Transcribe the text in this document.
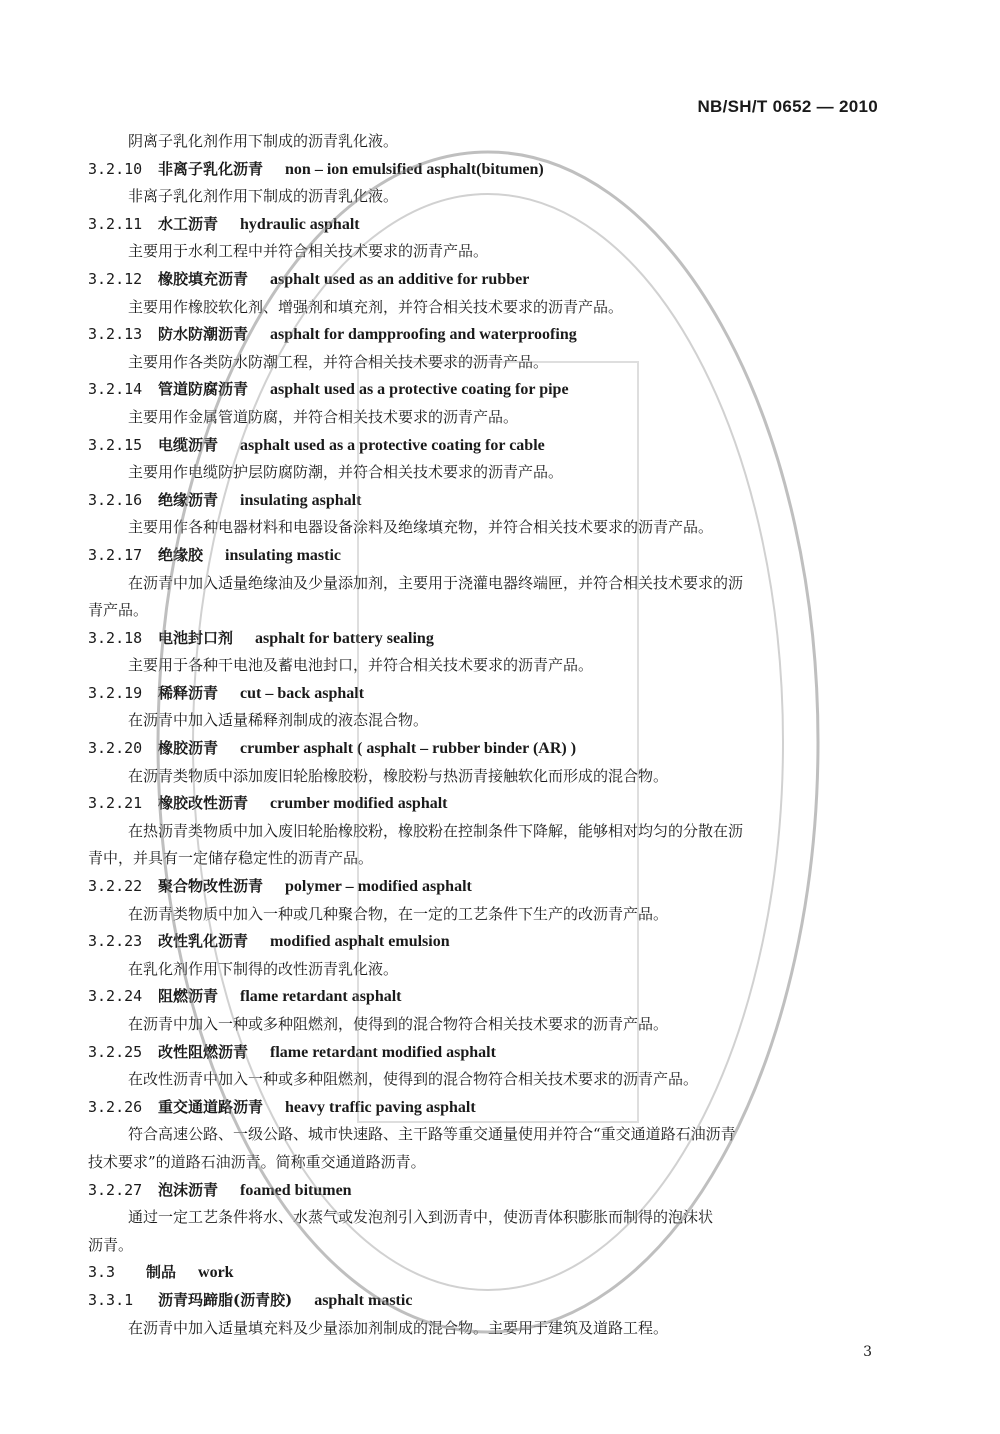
NB/SH/T 0652 — 2010
阴离子乳化剂作用下制成的沥青乳化液。
3.2.10 非离子乳化沥青 non – ion emulsified asphalt(bitumen)
非离子乳化剂作用下制成的沥青乳化液。
3.2.11 水工沥青 hydraulic asphalt
主要用于水利工程中并符合相关技术要求的沥青产品。
3.2.12 橡胶填充沥青 asphalt used as an additive for rubber
主要用作橡胶软化剂、增强剂和填充剂，并符合相关技术要求的沥青产品。
3.2.13 防水防潮沥青 asphalt for dampproofing and waterproofing
主要用作各类防水防潮工程，并符合相关技术要求的沥青产品。
3.2.14 管道防腐沥青 asphalt used as a protective coating for pipe
主要用作金属管道防腐，并符合相关技术要求的沥青产品。
3.2.15 电缆沥青 asphalt used as a protective coating for cable
主要用作电缆防护层防腐防潮，并符合相关技术要求的沥青产品。
3.2.16 绝缘沥青 insulating asphalt
主要用作各种电器材料和电器设备涂料及绝缘填充物，并符合相关技术要求的沥青产品。
3.2.17 绝缘胶 insulating mastic
在沥青中加入适量绝缘油及少量添加剂，主要用于浇灌电器终端匣，并符合相关技术要求的沥
青产品。
3.2.18 电池封口剂 asphalt for battery sealing
主要用于各种干电池及蓄电池封口，并符合相关技术要求的沥青产品。
3.2.19 稀释沥青 cut – back asphalt
在沥青中加入适量稀释剂制成的液态混合物。
3.2.20 橡胶沥青 crumber asphalt ( asphalt – rubber binder (AR) )
在沥青类物质中添加废旧轮胎橡胶粉，橡胶粉与热沥青接触软化而形成的混合物。
3.2.21 橡胶改性沥青 crumber modified asphalt
在热沥青类物质中加入废旧轮胎橡胶粉，橡胶粉在控制条件下降解，能够相对均匀的分散在沥
青中，并具有一定储存稳定性的沥青产品。
3.2.22 聚合物改性沥青 polymer – modified asphalt
在沥青类物质中加入一种或几种聚合物，在一定的工艺条件下生产的改沥青产品。
3.2.23 改性乳化沥青 modified asphalt emulsion
在乳化剂作用下制得的改性沥青乳化液。
3.2.24 阻燃沥青 flame retardant asphalt
在沥青中加入一种或多种阻燃剂，使得到的混合物符合相关技术要求的沥青产品。
3.2.25 改性阻燃沥青 flame retardant modified asphalt
在改性沥青中加入一种或多种阻燃剂，使得到的混合物符合相关技术要求的沥青产品。
3.2.26 重交通道路沥青 heavy traffic paving asphalt
符合高速公路、一级公路、城市快速路、主干路等重交通量使用并符合“重交通道路石油沥青
技术要求”的道路石油沥青。简称重交通道路沥青。
3.2.27 泡沫沥青 foamed bitumen
通过一定工艺条件将水、水蒸气或发泡剂引入到沥青中，使沥青体积膨胀而制得的泡沫状
沥青。
3.3 制品 work
3.3.1 沥青玛蹄脂(沥青胶) asphalt mastic
在沥青中加入适量填充料及少量添加剂制成的混合物。主要用于建筑及道路工程。
3
